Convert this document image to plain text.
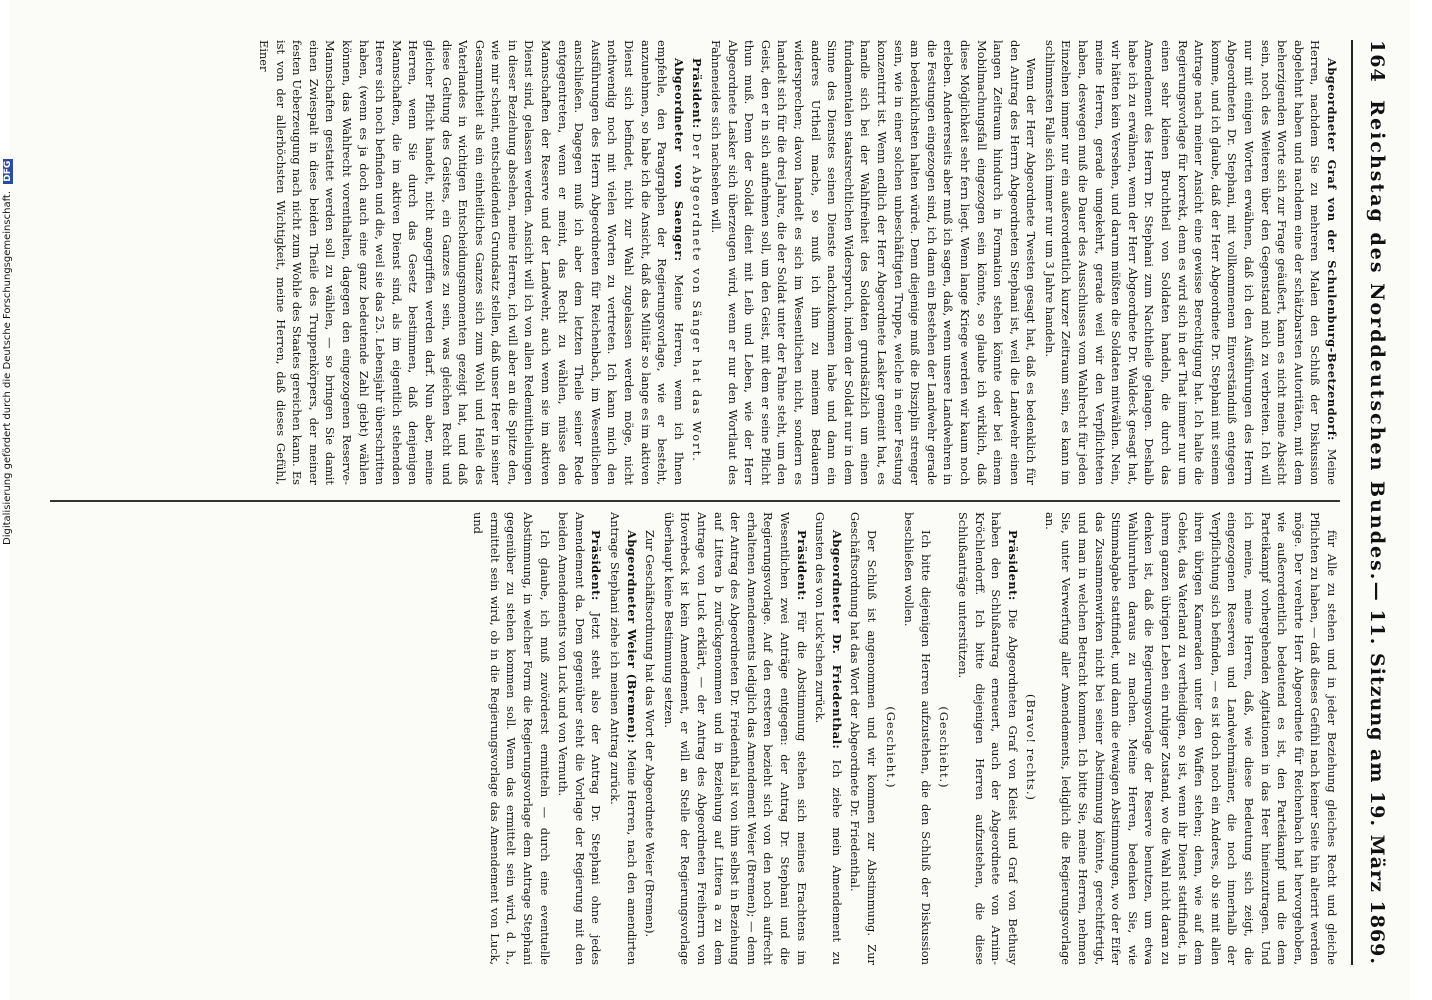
164
Reichstag des Norddeutschen Bundes.
— 11. Sitzung am 19. März 1869.

Abgeordneter Graf von der Schulenburg-Beetzendorf: Meine Herren, nachdem Sie zu mehreren Malen den Schluß der Diskussion abgelehnt haben und nachdem eine der schätzbarsten Autoritäten, mit dem beherzigenden Worte sich zur Frage geäußert, kann es nicht meine Absicht sein, noch des Weiteren über den Gegenstand mich zu verbreiten. Ich will nur mit einigen Worten erwähnen, daß ich den Ausführungen des Herrn Abgeordneten Dr. Stephani, mit vollkommenem Einverständniß entgegen komme, und ich glaube, daß der Herr Abgeordnete Dr. Stephani mit seinem Antrage nach meiner Ansicht eine gewisse Berechtigung hat. Ich halte die Regierungsvorlage für korrekt, denn es wird sich in der That immer nur um einen sehr kleinen Bruchtheil von Soldaten handeln, die durch das Amendement des Herrn Dr. Stephani zum Nachtheile gelangen. Deshalb habe ich zu erwähnen, wenn der Herr Abgeordnete Dr. Waldeck gesagt hat, wir hätten kein Versehen, und darum müßten die Soldaten mitwählen. Nein, meine Herren, gerade umgekehrt, gerade weil wir den Verpflichteten haben, deswegen muß die Dauer des Ausschlusses vom Wahlrecht für jeden Einzelnen immer nur ein außerordentlich kurzer Zeitraum sein, es kann im schlimmsten Falle sich immer nur um 3 Jahre handeln.

Wenn der Herr Abgeordnete Twesten gesagt hat, daß es bedenklich für den Antrag des Herrn Abgeordneten Stephani ist, weil die Landwehr einen langen Zeitraum hindurch in Formation stehen könnte oder bei einem Mobilmachungsfall eingezogen sein könnte, so glaube ich wirklich, daß diese Möglichkeit sehr fern liegt. Wenn lange Kriege werden wir kaum noch erleben. Andererseits aber muß ich sagen, daß, wenn unsere Landwehren in die Festungen eingezogen sind, ich dann ein Bestehen der Landwehr gerade am bedenklichsten halten würde. Denn diejenige muß die Disziplin strenger sein, wie in einer solchen unbeschäftigten Truppe, welche in einer Festung konzentrirt ist. Wenn endlich der Herr Abgeordnete Lasker gemeint hat, es handle sich bei der Wahlfreiheit des Soldaten grundsätzlich um einen fundamentalen staatsrechtlichen Widerspruch, indem der Soldat nur in dem Sinne des Dienstes seinen Dienste nachzukommen habe und dann ein anderes Urtheil mache, so muß ich ihm zu meinem Bedauern widersprechen; davon handelt es sich im Wesentlichen nicht, sondern es handelt sich für die drei Jahre, die der Soldat unter der Fahne steht, um den Geist, den er in sich aufnehmen soll, um den Geist, mit dem er seine Pflicht thun muß. Denn der Soldat dient mit Leib und Leben, wie der Herr Abgeordnete Lasker sich überzeugen wird, wenn er nur den Wortlaut des Fahneneides sich nachsehen will.

Präsident: Der Abgeordnete von Sänger hat das Wort.

Abgeordneter von Saenger: Meine Herren, wenn ich Ihnen empfehle, den Paragraphen der Regierungsvorlage, wie er besteht, anzunehmen, so habe ich die Ansicht, daß das Militär so lange es im aktiven Dienst sich befindet, nicht zur Wahl zugelassen werden möge, nicht nothwendig noch mit vielen Worten zu vertreten. Ich kann mich den Ausführungen des Herrn Abgeordneten für Reichenbach, im Wesentlichen anschließen. Dagegen muß ich aber dem letzten Theile seiner Rede entgegentreten, wenn er meint, das Recht zu wählen, müsse den Mannschaften der Reserve und der Landwehr, auch wenn sie im aktiven Dienst sind, gelassen werden. Ansicht will ich von allen Redemittheilungen in dieser Beziehung absehen, meine Herren, ich will aber an die Spitze den, wie mir scheint, entscheidenden Grundsatz stellen, daß unser Heer in seiner Gesammtheit als ein einheitliches Ganzes sich zum Wohl und Heile des Vaterlandes in wichtigen Entscheidungsmomenten gezeigt hat, und daß diese Geltung des Geistes, ein Ganzes zu sein, was gleichen Recht und gleicher Pflicht handelt, nicht angegriffen werden darf. Nun aber, meine Herren, wenn Sie durch das Gesetz bestimmen, daß denjenigen Mannschaften, die im aktiven Dienst sind, als im eigentlich stehenden Heere sich noch befinden und die, weil sie das 25. Lebensjahr überschritten haben, (wenn es ja doch auch eine ganz bedeutende Zahl giebt) wählen können, das Wahlrecht vorenthalten, dagegen den eingezogenen Reserve-Mannschaften gestattet werden soll zu wählen, — so bringen Sie damit einen Zwiespalt in diese beiden Theile des Truppenkörpers, der meiner festen Ueberzeugung nach nicht zum Wohle des Staates gereichen kann. Es ist von der allerhöchsten Wichtigkeit, meine Herren, daß dieses Gefühl, Einer

für Alle zu stehen und in jeder Beziehung gleiches Recht und gleiche Pflichten zu haben, — daß dieses Gefühl nach keiner Seite hin alterirt werden möge. Der verehrte Herr Abgeordnete für Reichenbach hat hervorgehoben, wie außerordentlich bedeutend es ist, den Parteikampf und die dem Parteikampf vorhergehenden Agitationen in das Heer hineinzutragen. Und ich meine, meine Herren, daß, wie diese Bedeutung sich zeigt, die eingezogenen Reserven und Landwehrmänner, die noch innerhalb der Verpflichtung sich befinden, — es ist doch noch ein Anderes, ob sie mit allen ihren übrigen Kameraden unter den Waffen stehen; denn, wie auf dem Gebiet, das Vaterland zu vertheidigen, so ist, wenn ihr Dienst stattfindet, in ihrem ganzen übrigen Leben ein ruhiger Zustand, wo die Wahl nicht daran zu denken ist, daß die Regierungsvorlage der Reserve benutzen, um etwa Wahlunruhen daraus zu machen. Meine Herren, bedenken Sie, wie Stimmabgabe stattfindet, und dann die etwaigen Abstimmungen, wo der Eifer das Zusammenwirken nicht bei seiner Abstimmung könnte, gerechtfertigt, und man in welchen Betracht kommen. Ich bitte Sie, meine Herren, nehmen Sie, unter Verwerfung aller Amendements, lediglich die Regierungsvorlage an.

(Bravo! rechts.)

Präsident: Die Abgeordneten Graf von Kleist und Graf von Bethusy haben den Schlußantrag erneuert, auch der Abgeordnete von Arnim-Kröchlendorff. Ich bitte diejenigen Herren aufzustehen, die diese Schlußanträge unterstützen.

(Geschieht.)

Ich bitte diejenigen Herren aufzustehen, die den Schluß der Diskussion beschließen wollen.

(Geschieht.)

Der Schluß ist angenommen und wir kommen zur Abstimmung. Zur Geschäftsordnung hat das Wort der Abgeordnete Dr. Friedenthal.

Abgeordneter Dr. Friedenthal: Ich ziehe mein Amendement zu Gunsten des von Luck'schen zurück.

Präsident: Für die Abstimmung stehen sich meines Erachtens im Wesentlichen zwei Anträge entgegen: der Antrag Dr. Stephani und die Regierungsvorlage. Auf den ersteren bezieht sich von den noch aufrecht erhaltenen Amendements lediglich das Amendement Weier (Bremen); — denn der Antrag des Abgeordneten Dr. Friedenthal ist von ihm selbst in Beziehung auf Littera b zurückgenommen und in Beziehung auf Littera a zu dem Antrage von Luck erklärt, — der Antrag des Abgeordneten Freiherrn von Hoverbeck ist kein Amendement, er will an Stelle der Regierungsvorlage überhaupt keine Bestimmung setzen.

Zur Geschäftsordnung hat das Wort der Abgeordnete Weier (Bremen).

Abgeordneter Weier (Bremen): Meine Herren, nach den amendirten Antrage Stephani ziehe ich meinen Antrag zurück.

Präsident: Jetzt steht also der Antrag Dr. Stephani ohne jedes Amendement da. Dem gegenüber steht die Vorlage der Regierung mit den beiden Amendements von Luck und von Vernuth.

Ich glaube, ich muß zuvörderst ermitteln — durch eine eventuelle Abstimmung, in welcher Form die Regierungsvorlage dem Antrage Stephani gegenüber zu stehen kommen soll. Wenn das ermittelt sein wird, d. h., ermittelt sein wird, ob in die Regierungsvorlage das Amendement von Luck, und

Digitalisierung gefördert durch die Deutsche Forschungsgemeinschaft. DFG
